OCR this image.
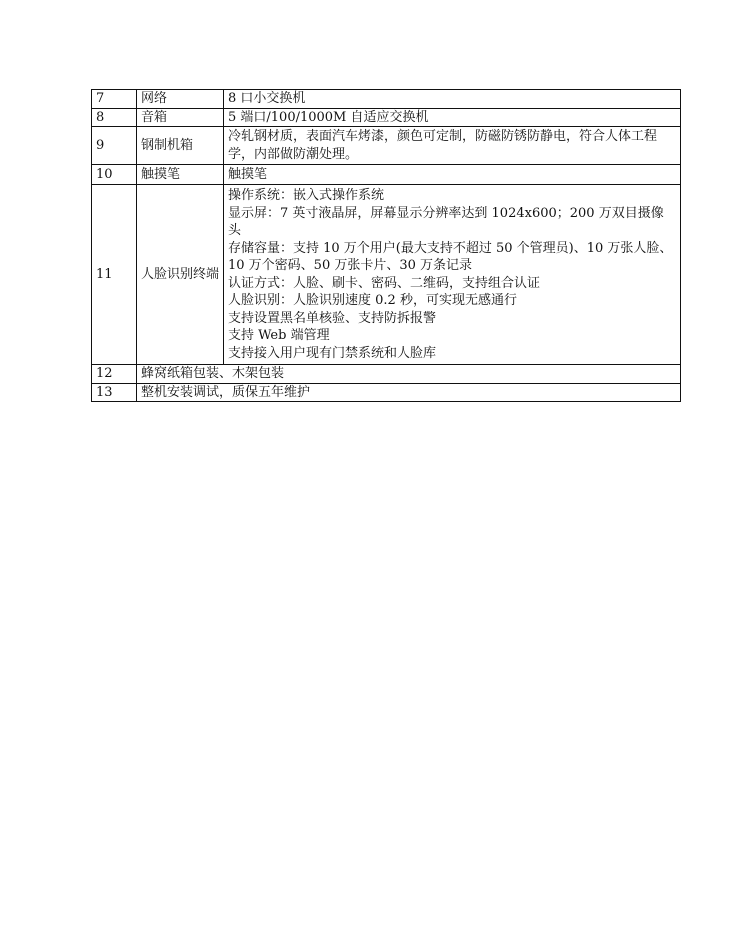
7	网络	8 口小交换机
8	音箱	5 端口/100/1000M 自适应交换机
9	钢制机箱	冷轧钢材质，表面汽车烤漆，颜色可定制，防磁防锈防静电，符合人体工程学，内部做防潮处理。
10	触摸笔	触摸笔
11	人脸识别终端	
操作系统：嵌入式操作系统
显示屏：7 英寸液晶屏，屏幕显示分辨率达到 1024x600；200 万双目摄像头
存储容量：支持 10 万个用户(最大支持不超过 50 个管理员)、10 万张人脸、10 万个密码、50 万张卡片、30 万条记录
认证方式：人脸、刷卡、密码、二维码，支持组合认证
人脸识别：人脸识别速度 0.2 秒，可实现无感通行
支持设置黑名单核验、支持防拆报警
支持 Web 端管理
支持接入用户现有门禁系统和人脸库

12	蜂窝纸箱包装、木架包装	
13	整机安装调试，质保五年维护	
